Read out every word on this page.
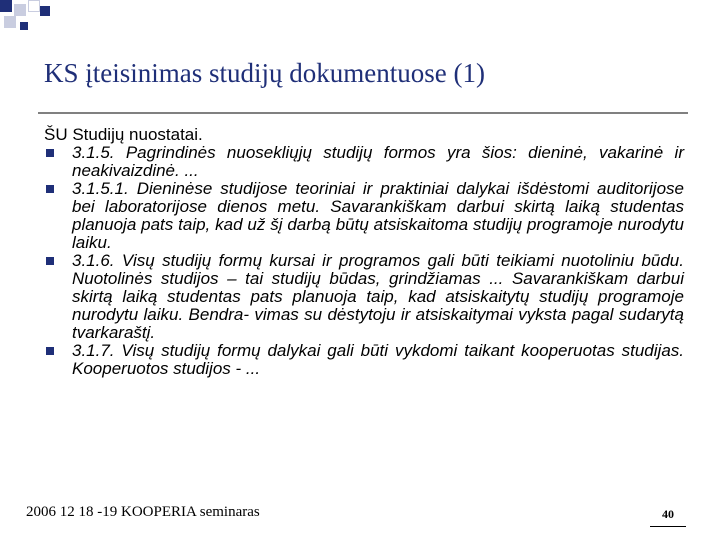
KS įteisinimas studijų dokumentuose (1)

ŠU Studijų nuostatai.

3.1.5. Pagrindinės nuosekliųjų studijų formos yra šios: dieninė, vakarinė ir neakivaizdinė. ...
3.1.5.1. Dieninėse studijose teoriniai ir praktiniai dalykai išdėstomi auditorijose bei laboratorijose dienos metu. Savarankiškam darbui skirtą laiką studentas planuoja pats taip, kad už šį darbą būtų atsiskaitoma studijų programoje nurodytu laiku.
3.1.6. Visų studijų formų kursai ir programos gali būti teikiami nuotoliniu būdu. Nuotolinės studijos – tai studijų būdas, grindžiamas ... Savarankiškam darbui skirtą laiką studentas pats planuoja taip, kad atsiskaitytų studijų programoje nurodytu laiku. Bendra- vimas su dėstytoju ir atsiskaitymai vyksta pagal sudarytą tvarkaraštį.
3.1.7. Visų studijų formų dalykai gali būti vykdomi taikant kooperuotas studijas. Kooperuotos studijos - ...
2006 12 18 -19 KOOPERIA seminaras	40
